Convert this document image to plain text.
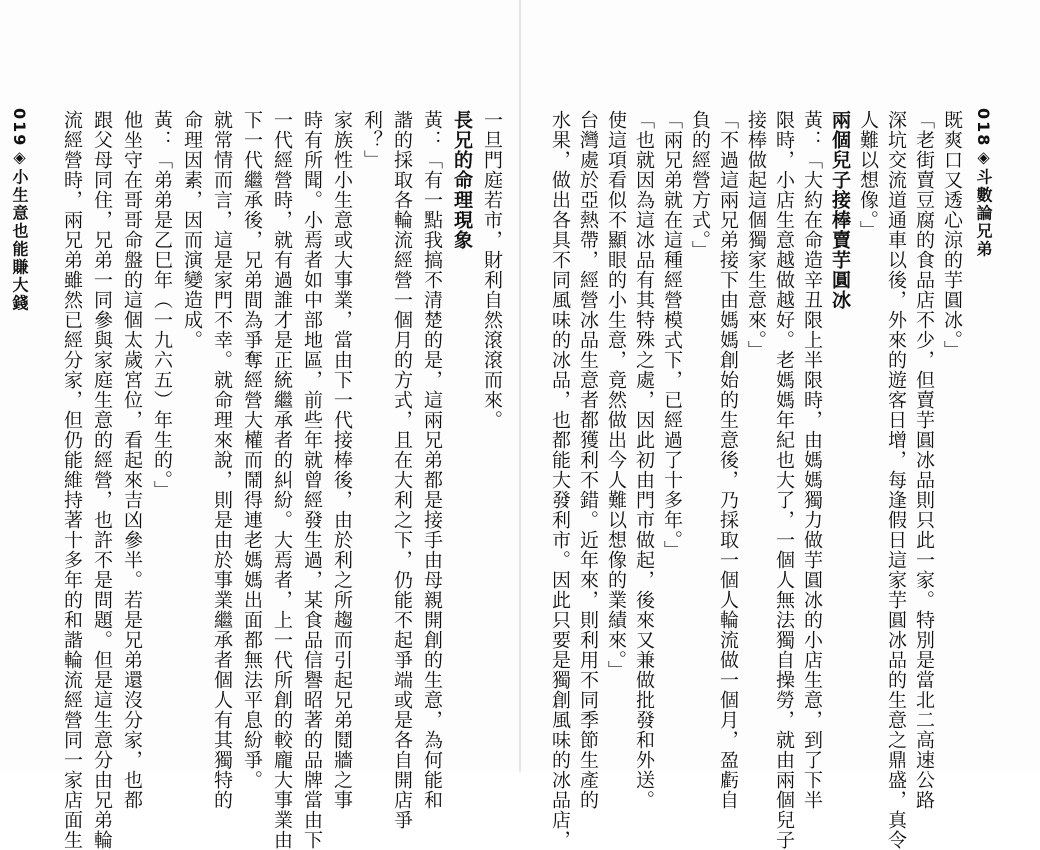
019◈小生意也能賺大錢	一旦門庭若市，財利自然滾滾而來。
長兄的命理現象
黃：「有一點我搞不清楚的是，這兩兄弟都是接手由母親開創的生意，為何能和
諧的採取各輪流經營一個月的方式，且在大利之下，仍能不起爭端或是各自開店爭
利？」
家族性小生意或大事業，當由下一代接棒後，由於利之所趨而引起兄弟鬩牆之事
時有所聞。小焉者如中部地區，前些年就曾經發生過，某食品信譽昭著的品牌當由下
一代經營時，就有過誰才是正統繼承者的糾紛。大焉者，上一代所創的較龐大事業由
下一代繼承後，兄弟間為爭奪經營大權而鬧得連老媽媽出面都無法平息紛爭。
就常情而言，這是家門不幸。就命理來說，則是由於事業繼承者個人有其獨特的
命理因素，因而演變造成。
黃：「弟弟是乙巳年（一九六五）年生的。」
他坐守在哥哥命盤的這個太歲宮位，看起來吉凶參半。若是兄弟還沒分家，也都
跟父母同住，兄弟一同參與家庭生意的經營，也許不是問題。但是這生意分由兄弟輪
流經營時，兩兄弟雖然已經分家，但仍能維持著十多年的和諧輪流經營同一家店面生	018◈斗數論兄弟
既爽口又透心涼的芋圓冰。」
「老街賣豆腐的食品店不少，但賣芋圓冰品則只此一家。特別是當北二高速公路
深坑交流道通車以後，外來的遊客日增，每逢假日這家芋圓冰品的生意之鼎盛，真令
人難以想像。」
兩個兒子接棒賣芋圓冰
黃：「大約在命造辛丑限上半限時，由媽媽獨力做芋圓冰的小店生意，到了下半
限時，小店生意越做越好。老媽媽年紀也大了，一個人無法獨自操勞，就由兩個兒子
接棒做起這個獨家生意來。」
「不過這兩兄弟接下由媽媽創始的生意後，乃採取一個人輪流做一個月，盈虧自
負的經營方式。」
「兩兄弟就在這種經營模式下，已經過了十多年。」
「也就因為這冰品有其特殊之處，因此初由門市做起，後來又兼做批發和外送。
使這項看似不顯眼的小生意，竟然做出今人難以想像的業績來。」
台灣處於亞熱帶，經營冰品生意者都獲利不錯。近年來，則利用不同季節生產的
水果，做出各具不同風味的冰品，也都能大發利市。因此只要是獨創風味的冰品店，
